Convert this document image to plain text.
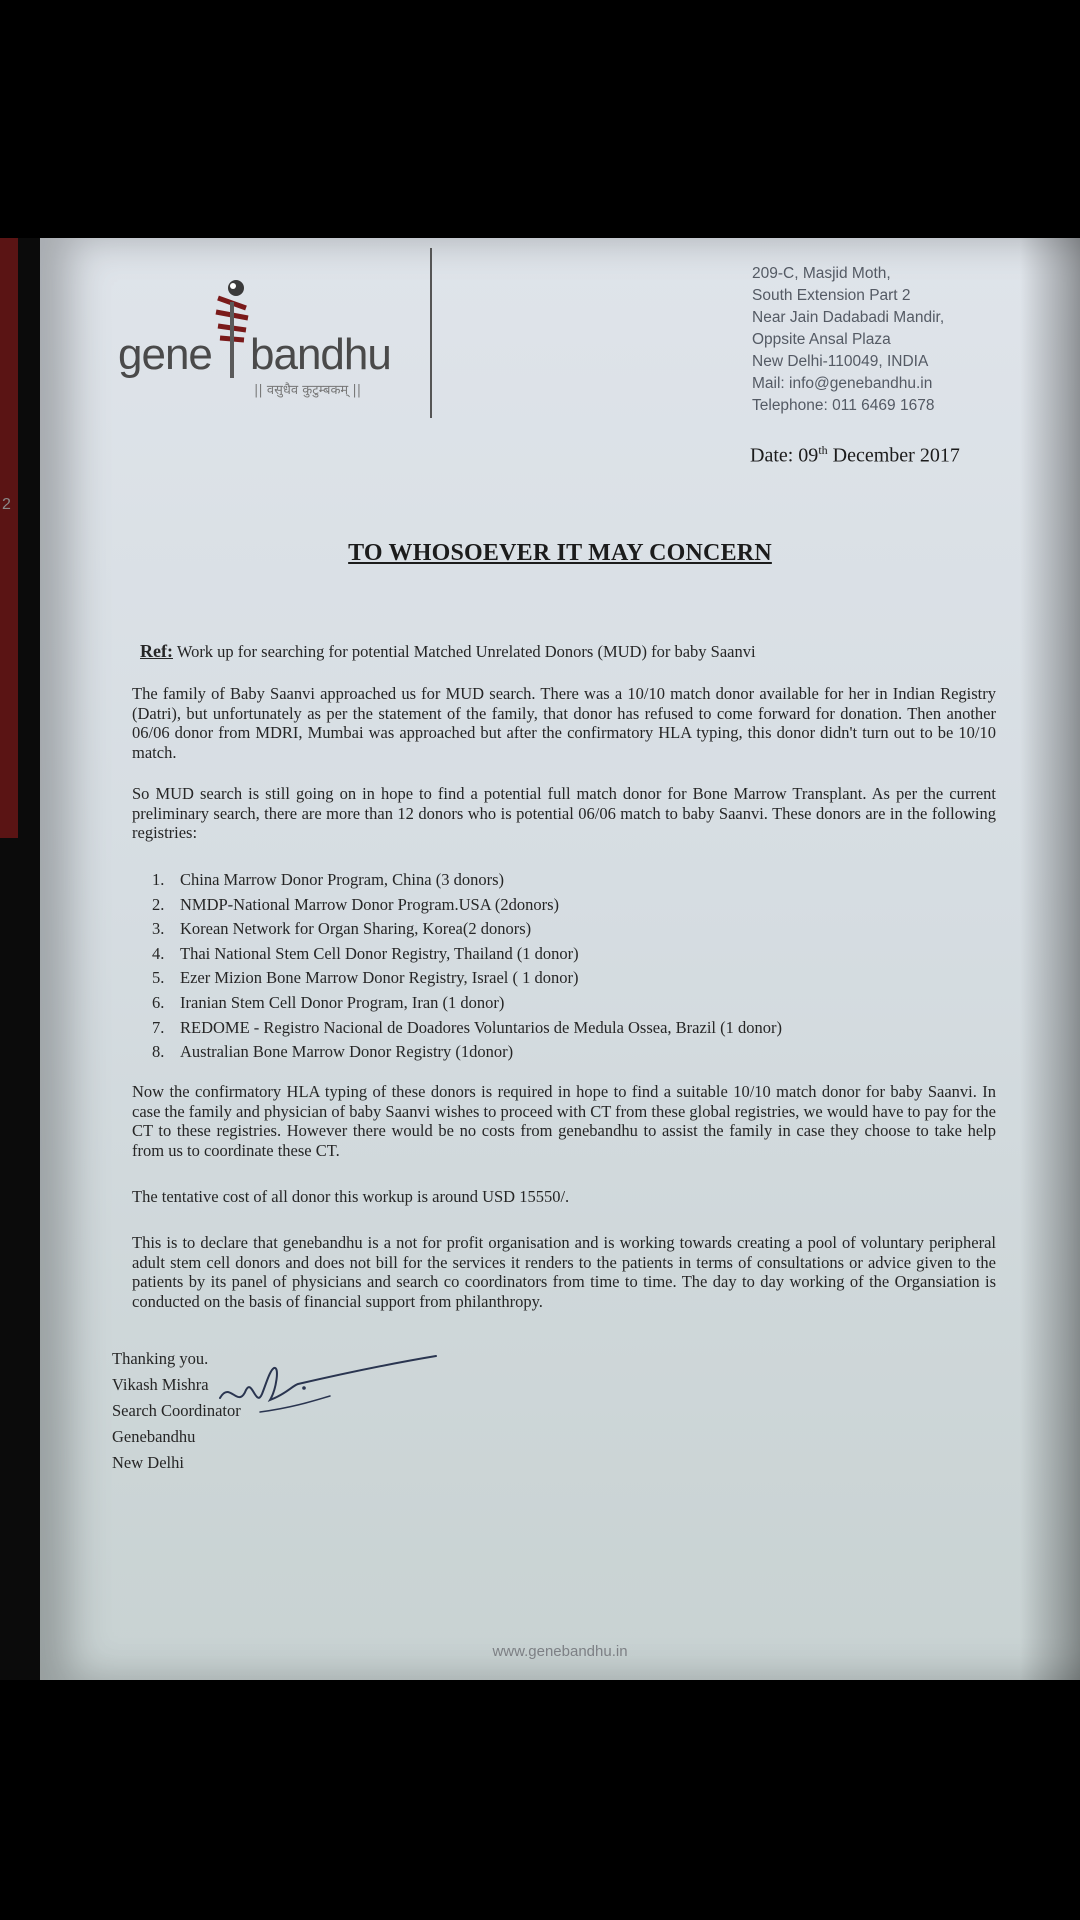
2
gene bandhu
|| वसुधैव कुटुम्बकम् ||
209-C, Masjid Moth,
South Extension Part 2
Near Jain Dadabadi Mandir,
Oppsite Ansal Plaza
New Delhi-110049, INDIA
Mail: info@genebandhu.in
Telephone: 011 6469 1678
Date: 09th December 2017
TO WHOSOEVER IT MAY CONCERN
Ref: Work up for searching for potential Matched Unrelated Donors (MUD) for baby Saanvi

The family of Baby Saanvi approached us for MUD search. There was a 10/10 match donor available for her in Indian Registry (Datri), but unfortunately as per the statement of the family, that donor has refused to come forward for donation. Then another 06/06 donor from MDRI, Mumbai was approached but after the confirmatory HLA typing, this donor didn't turn out to be 10/10 match.

So MUD search is still going on in hope to find a potential full match donor for Bone Marrow Transplant. As per the current preliminary search, there are more than 12 donors who is potential 06/06 match to baby Saanvi. These donors are in the following registries:

1. China Marrow Donor Program, China (3 donors)
2. NMDP-National Marrow Donor Program.USA (2donors)
3. Korean Network for Organ Sharing, Korea(2 donors)
4. Thai National Stem Cell Donor Registry, Thailand (1 donor)
5. Ezer Mizion Bone Marrow Donor Registry, Israel ( 1 donor)
6. Iranian Stem Cell Donor Program, Iran (1 donor)
7. REDOME - Registro Nacional de Doadores Voluntarios de Medula Ossea, Brazil (1 donor)
8. Australian Bone Marrow Donor Registry (1donor)

Now the confirmatory HLA typing of these donors is required in hope to find a suitable 10/10 match donor for baby Saanvi. In case the family and physician of baby Saanvi wishes to proceed with CT from these global registries, we would have to pay for the CT to these registries. However there would be no costs from genebandhu to assist the family in case they choose to take help from us to coordinate these CT.

The tentative cost of all donor this workup is around USD 15550/.

This is to declare that genebandhu is a not for profit organisation and is working towards creating a pool of voluntary peripheral adult stem cell donors and does not bill for the services it renders to the patients in terms of consultations or advice given to the patients by its panel of physicians and search co coordinators from time to time. The day to day working of the Organsiation is conducted on the basis of financial support from philanthropy.

Thanking you.
Vikash Mishra
Search Coordinator
Genebandhu
New Delhi
www.genebandhu.in
